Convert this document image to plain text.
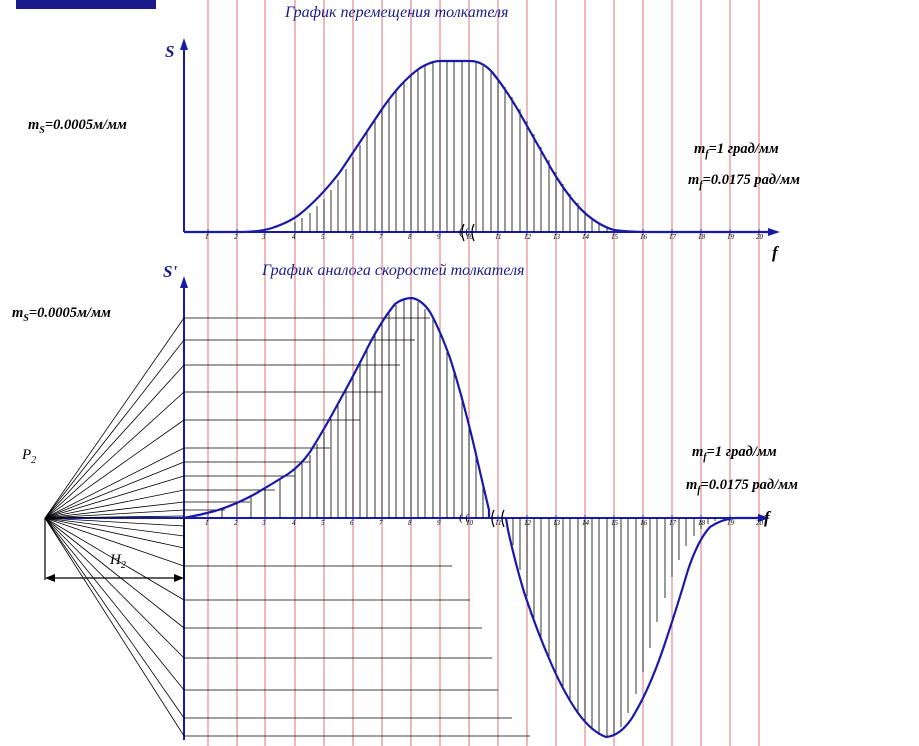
График перемещения толкателя
S
f
$m_S=0.0005м/мм$
$m_f=1$ град/мм
$m_f=0.0175$ рад/мм
1	2	3	4	5	6	7	8	9	10	11	12	13	14	15	16	17	18	19	20
( (
График аналога скоростей толкателя
S'
f
$m_S=0.0005м/мм$
$m_f=1$ град/мм
$m_f=0.0175$ рад/мм
$P_2$
$H_2$
1	2	3	4	5	6	7	8	9	10	11	12	13	14	15	16	17	18	19	20
( (
